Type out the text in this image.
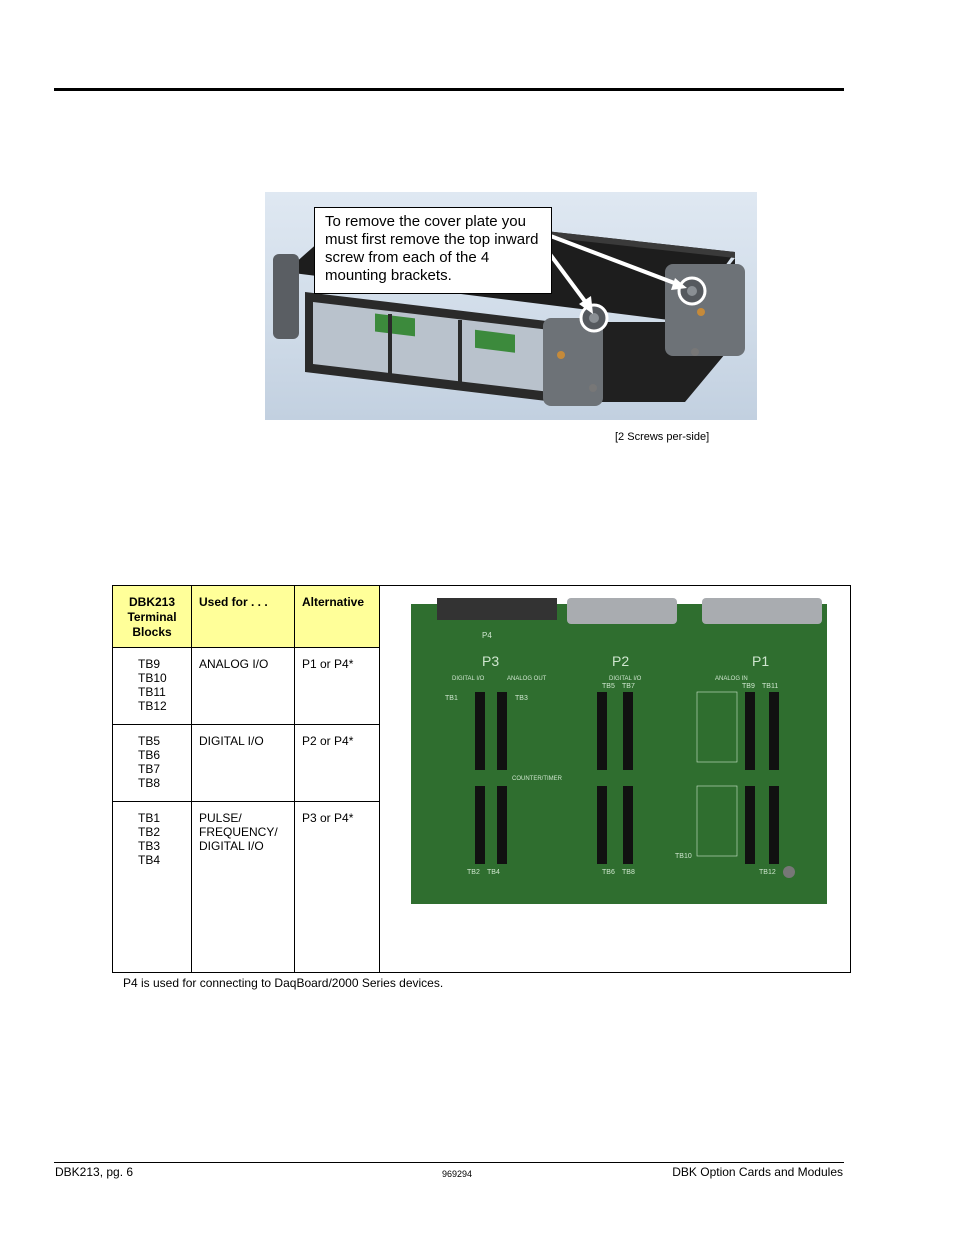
To remove the cover plate you must first remove the top inward screw from each of the 4 mounting brackets.
[2 Screws per-side]
DBK213
Terminal
Blocks	Used for . . .	Alternative

TB9
TB10
TB11
TB12	ANALOG I/O	P1 or P4*

TB5
TB6
TB7
TB8	DIGITAL I/O	P2 or P4*

TB1
TB2
TB3
TB4	PULSE/
FREQUENCY/
DIGITAL I/O	P3 or P4*
P3	P2	P1
P4
DIGITAL I/O	ANALOG OUT	DIGITAL I/O	ANALOG IN
COUNTER/TIMER
TB1	TB3
TB5 TB7	TB9 TB11
TB2 TB4	TB6 TB8
TB10
TB12
P4 is used for connecting to DaqBoard/2000 Series devices.
DBK213, pg. 6	969294	DBK Option Cards and Modules
